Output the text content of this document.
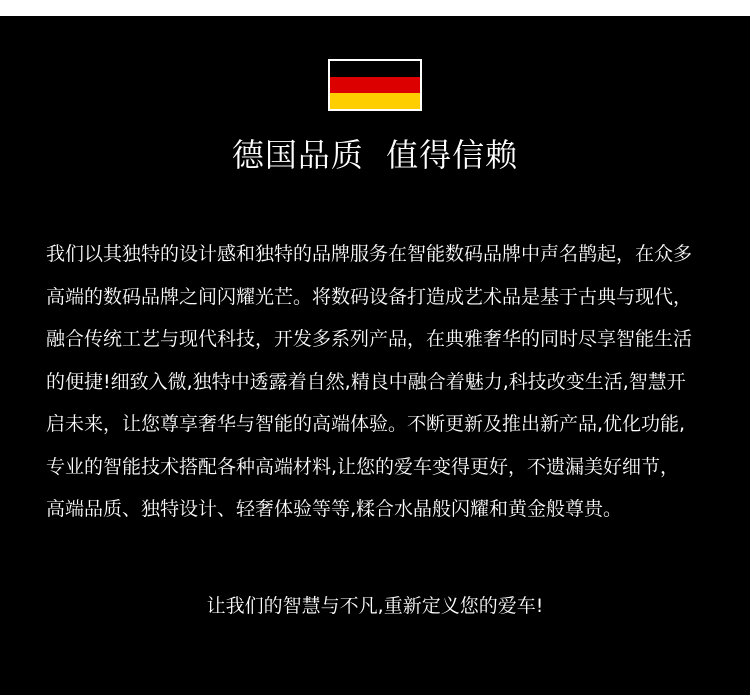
德国品质  值得信赖
我们以其独特的设计感和独特的品牌服务在智能数码品牌中声名鹊起，在众多
高端的数码品牌之间闪耀光芒。将数码设备打造成艺术品是基于古典与现代，
融合传统工艺与现代科技，开发多系列产品，在典雅奢华的同时尽享智能生活
的便捷!细致入微,独特中透露着自然,精良中融合着魅力,科技改变生活,智慧开
启未来，让您尊享奢华与智能的高端体验。不断更新及推出新产品,优化功能,
专业的智能技术搭配各种高端材料,让您的爱车变得更好，不遗漏美好细节，
高端品质、独特设计、轻奢体验等等,糅合水晶般闪耀和黄金般尊贵。
让我们的智慧与不凡,重新定义您的爱车!
